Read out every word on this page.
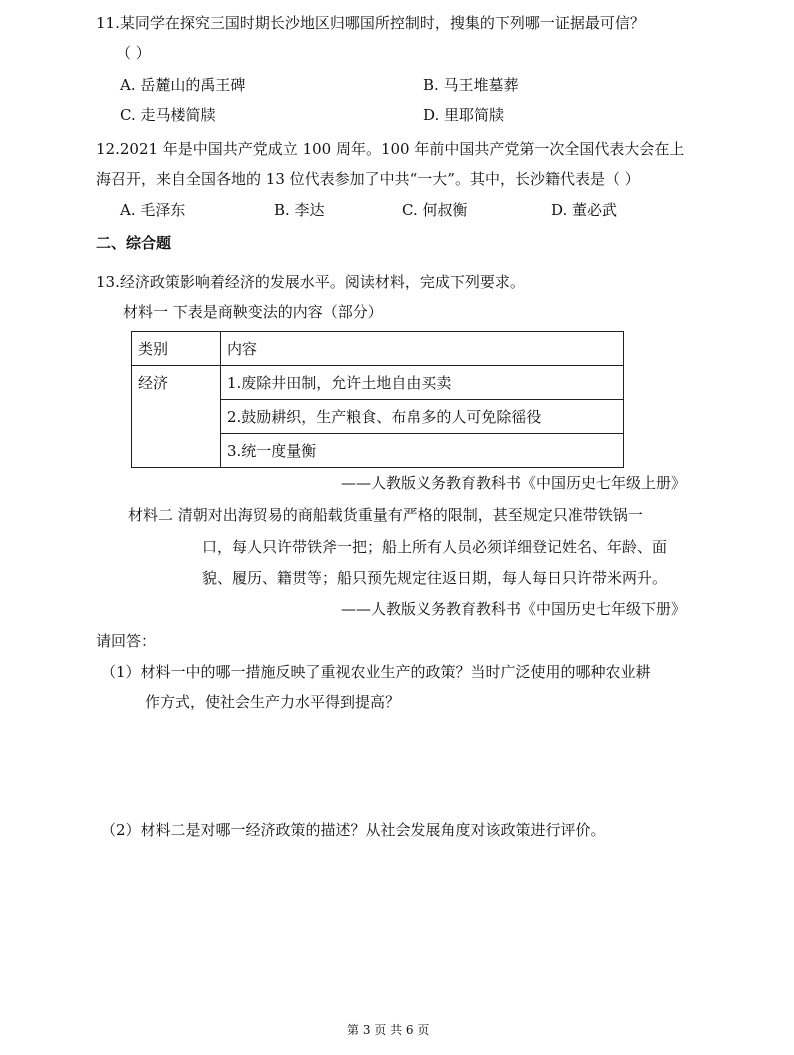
11.某同学在探究三国时期长沙地区归哪国所控制时，搜集的下列哪一证据最可信？
（ ）
A. 岳麓山的禹王碑	B. 马王堆墓葬
C. 走马楼简牍	D. 里耶简牍
12.2021 年是中国共产党成立 100 周年。100 年前中国共产党第一次全国代表大会在上
海召开，来自全国各地的 13 位代表参加了中共“一大”。其中，长沙籍代表是（ ）
A. 毛泽东	B. 李达	C. 何叔衡	D. 董必武
二、综合题
13.经济政策影响着经济的发展水平。阅读材料，完成下列要求。
材料一 下表是商鞅变法的内容（部分）
类别	内容
经济	1.废除井田制，允许土地自由买卖
	2.鼓励耕织，生产粮食、布帛多的人可免除徭役
	3.统一度量衡
——人教版义务教育教科书《中国历史七年级上册》
材料二 清朝对出海贸易的商船载货重量有严格的限制，甚至规定只准带铁锅一
口，每人只许带铁斧一把；船上所有人员必须详细登记姓名、年龄、面
貌、履历、籍贯等；船只预先规定往返日期，每人每日只许带米两升。
——人教版义务教育教科书《中国历史七年级下册》
请回答：
（1）材料一中的哪一措施反映了重视农业生产的政策？当时广泛使用的哪种农业耕
作方式，使社会生产力水平得到提高？
（2）材料二是对哪一经济政策的描述？从社会发展角度对该政策进行评价。
第 3 页 共 6 页
